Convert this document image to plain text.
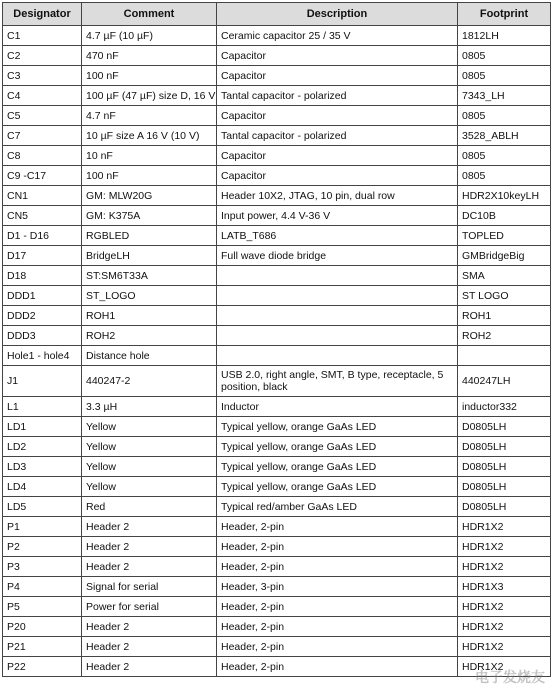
Designator	Comment	Description	Footprint
C1	4.7 µF (10 µF)	Ceramic capacitor 25 / 35 V	1812LH
C2	470 nF	Capacitor	0805
C3	100 nF	Capacitor	0805
C4	100 µF (47 µF) size D, 16 V	Tantal capacitor - polarized	7343_LH
C5	4.7 nF	Capacitor	0805
C7	10 µF size A 16 V (10 V)	Tantal capacitor - polarized	3528_ABLH
C8	10 nF	Capacitor	0805
C9 -C17	100 nF	Capacitor	0805
CN1	GM: MLW20G	Header 10X2, JTAG, 10 pin, dual row	HDR2X10keyLH
CN5	GM: K375A	Input power, 4.4 V-36 V	DC10B
D1 - D16	RGBLED	LATB_T686	TOPLED
D17	BridgeLH	Full wave diode bridge	GMBridgeBig
D18	ST:SM6T33A		SMA
DDD1	ST_LOGO		ST LOGO
DDD2	ROH1		ROH1
DDD3	ROH2		ROH2
Hole1 - hole4	Distance hole		
J1	440247-2	USB 2.0, right angle, SMT, B type, receptacle, 5 position, black	440247LH
L1	3.3 µH	Inductor	inductor332
LD1	Yellow	Typical yellow, orange GaAs LED	D0805LH
LD2	Yellow	Typical yellow, orange GaAs LED	D0805LH
LD3	Yellow	Typical yellow, orange GaAs LED	D0805LH
LD4	Yellow	Typical yellow, orange GaAs LED	D0805LH
LD5	Red	Typical red/amber GaAs LED	D0805LH
P1	Header 2	Header, 2-pin	HDR1X2
P2	Header 2	Header, 2-pin	HDR1X2
P3	Header 2	Header, 2-pin	HDR1X2
P4	Signal for serial	Header, 3-pin	HDR1X3
P5	Power for serial	Header, 2-pin	HDR1X2
P20	Header 2	Header, 2-pin	HDR1X2
P21	Header 2	Header, 2-pin	HDR1X2
P22	Header 2	Header, 2-pin	HDR1X2
电子发烧友
